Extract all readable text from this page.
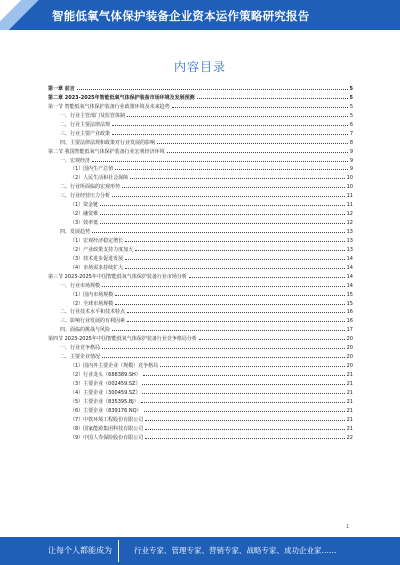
智能低氧气体保护装备企业资本运作策略研究报告
内容目录
第一章 前言	5
第二章 2023-2025年智能低氧气体保护装备市场环境及发展预测	5
第一节 智能低氧气体保护装备行业政策环境及未来趋势	5
一、行业主管部门及监管体制	5
二、行业主要法律法规	6
三、行业主要产业政策	7
四、主要法律法规和政策对行业发展的影响	8
第二节 我国智能低氧气体保护装备行业宏观经济环境	9
一、宏观经济	9
（1）国内生产总值	9
（2）人民生活和社会保障	10
二、行业所面临的宏观形势	10
三、行业经营压力分析	11
（1）资金链	11
（2）融资难	12
（3）效率低	12
四、发展趋势	13
（1）宏观经济稳定增长	13
（2）产业政策支持力度加大	13
（3）技术进步促进发展	14
（4）市场需求持续扩大	14
第三节 2023-2025年中国智能低氧气体保护装备行业市场分析	14
一、行业市场规模	14
（1）国内市场规模	15
（2）全球市场规模	15
二、行业技术水平和技术特点	16
三、影响行业发展的有利因素	16
四、面临的挑战与风险	17
第四节 2023-2025年中国智能低氧气体保护装备行业竞争格局分析	20
一、行业竞争格局	20
二、主要企业情况	20
（1）国内外主要企业（规模）竞争格局	20
（2）行业龙头（688389.SH）	21
（3）主要企业（002459.SZ）	21
（4）主要企业（300459.SZ）	21
（5）主要企业（835395.BJ）	21
（6）主要企业（839176.NQ）	21
（7）中铁环境工程股份有限公司	21
（8）国家能源集团科技有限公司	21
（9）中国人寿保险股份有限公司	22
1
让每个人都能成为	行业专家、管理专家、营销专家、战略专家、成功企业家……
